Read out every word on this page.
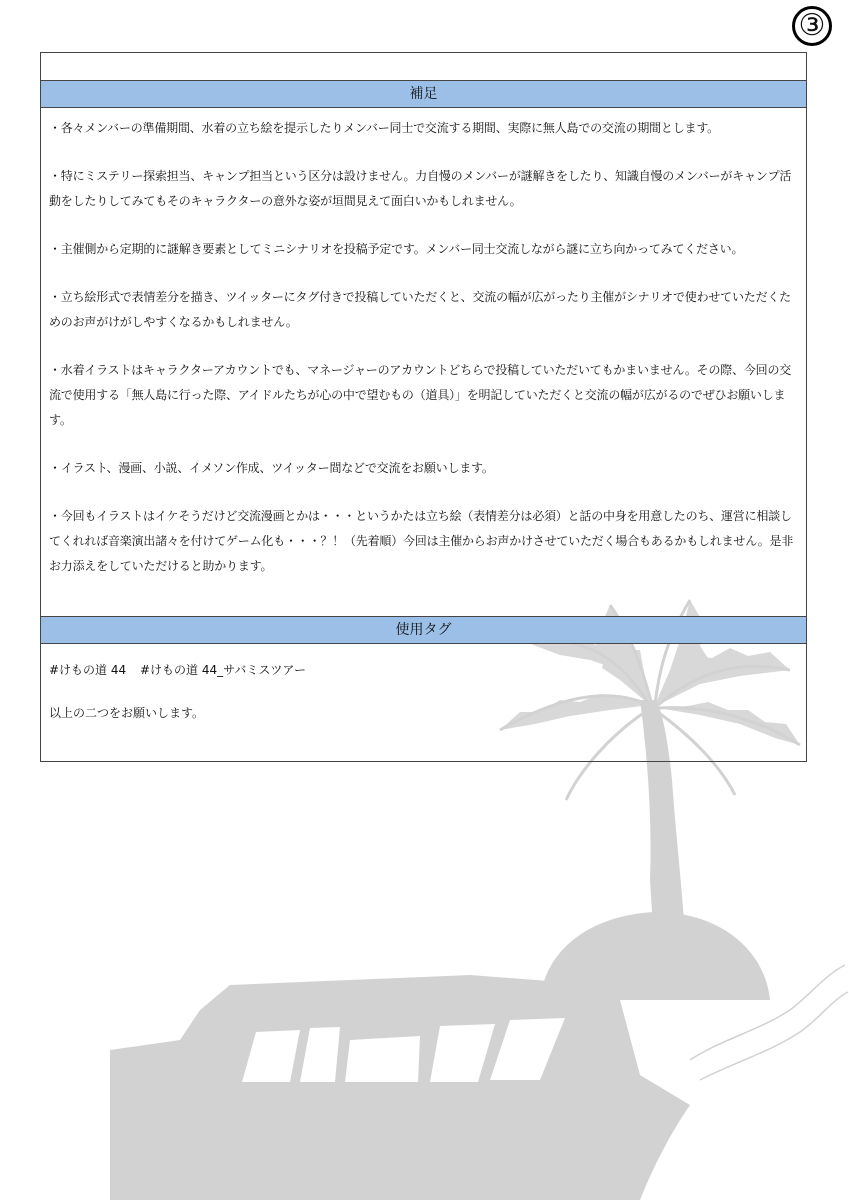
③
補足

・各々メンバーの準備期間、水着の立ち絵を提示したりメンバー同士で交流する期間、実際に無人島での交流の期間とします。

・特にミステリー探索担当、キャンプ担当という区分は設けません。力自慢のメンバーが謎解きをしたり、知識自慢のメンバーがキャンプ活動をしたりしてみてもそのキャラクターの意外な姿が垣間見えて面白いかもしれません。

・主催側から定期的に謎解き要素としてミニシナリオを投稿予定です。メンバー同士交流しながら謎に立ち向かってみてください。

・立ち絵形式で表情差分を描き、ツイッターにタグ付きで投稿していただくと、交流の幅が広がったり主催がシナリオで使わせていただくためのお声がけがしやすくなるかもしれません。

・水着イラストはキャラクターアカウントでも、マネージャーのアカウントどちらで投稿していただいてもかまいません。その際、今回の交流で使用する「無人島に行った際、アイドルたちが心の中で望むもの（道具）」を明記していただくと交流の幅が広がるのでぜひお願いします。

・イラスト、漫画、小説、イメソン作成、ツイッター間などで交流をお願いします。

・今回もイラストはイケそうだけど交流漫画とかは・・・というかたは立ち絵（表情差分は必須）と話の中身を用意したのち、運営に相談してくれれば音楽演出諸々を付けてゲーム化も・・・？！（先着順）今回は主催からお声かけさせていただく場合もあるかもしれません。是非お力添えをしていただけると助かります。

使用タグ

#けもの道 44 #けもの道 44_サバミスツアー

以上の二つをお願いします。
